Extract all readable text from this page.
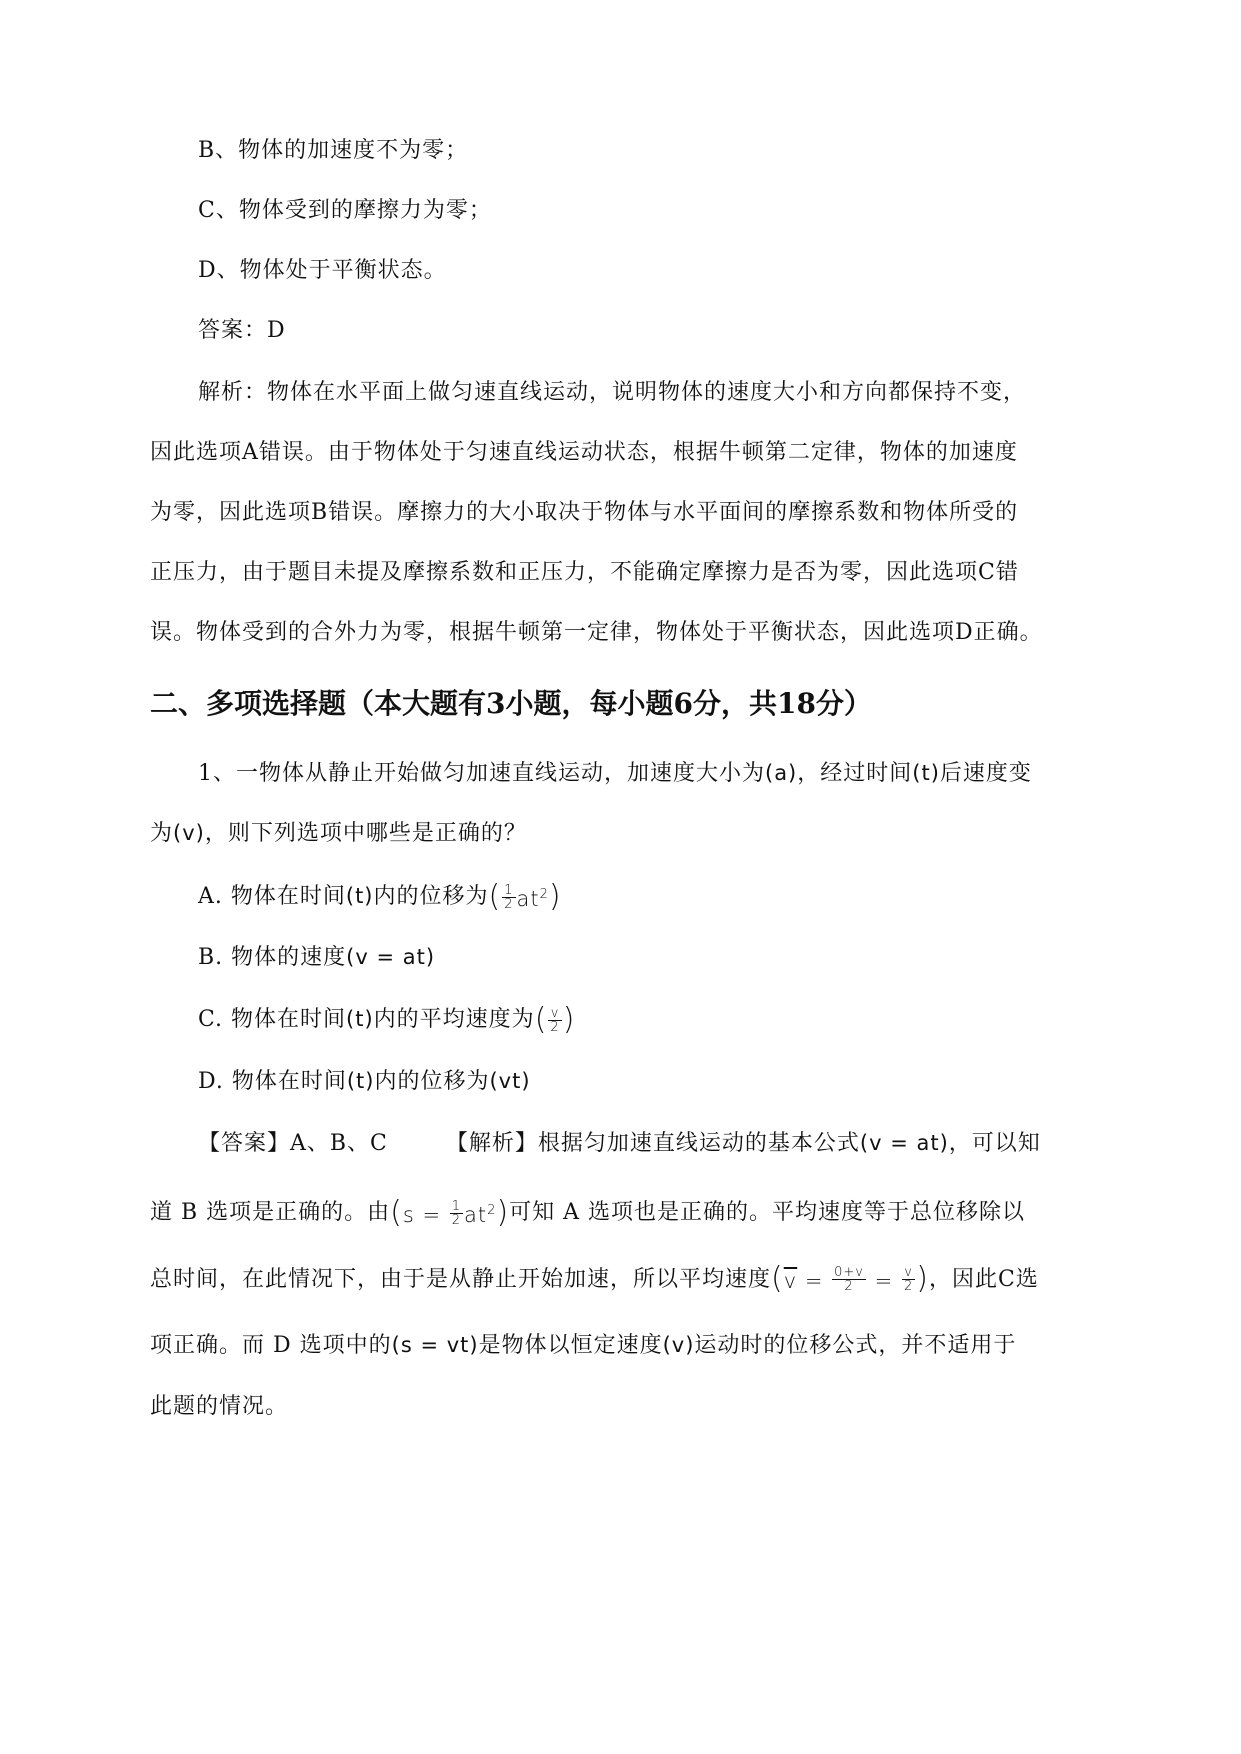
B、物体的加速度不为零；
C、物体受到的摩擦力为零；
D、物体处于平衡状态。
答案：D
解析：物体在水平面上做匀速直线运动，说明物体的速度大小和方向都保持不变，
因此选项A错误。由于物体处于匀速直线运动状态，根据牛顿第二定律，物体的加速度
为零，因此选项B错误。摩擦力的大小取决于物体与水平面间的摩擦系数和物体所受的
正压力，由于题目未提及摩擦系数和正压力，不能确定摩擦力是否为零，因此选项C错
误。物体受到的合外力为零，根据牛顿第一定律，物体处于平衡状态，因此选项D正确。
二、多项选择题（本大题有3小题，每小题6分，共18分）
1、一物体从静止开始做匀加速直线运动，加速度大小为(a)，经过时间(t)后速度变
为(v)，则下列选项中哪些是正确的？
A. 物体在时间(t)内的位移为( $\frac{1}{2} at^2$)
B. 物体的速度(v = at)
C. 物体在时间(t)内的平均速度为( $\frac{v}{2}$ )
D. 物体在时间(t)内的位移为(vt)
【答案】A、B、C	【解析】根据匀加速直线运动的基本公式(v = at)，可以知
道 B 选项是正确的。由$(s = \frac{1}{2} at^2)$可知 A 选项也是正确的。平均速度等于总位移除以
总时间，在此情况下，由于是从静止开始加速，所以平均速度($\overline{v} = \frac{0+v}{2} = \frac{v}{2}$ )，因此C选
项正确。而 D 选项中的(s = vt)是物体以恒定速度(v)运动时的位移公式，并不适用于
此题的情况。
